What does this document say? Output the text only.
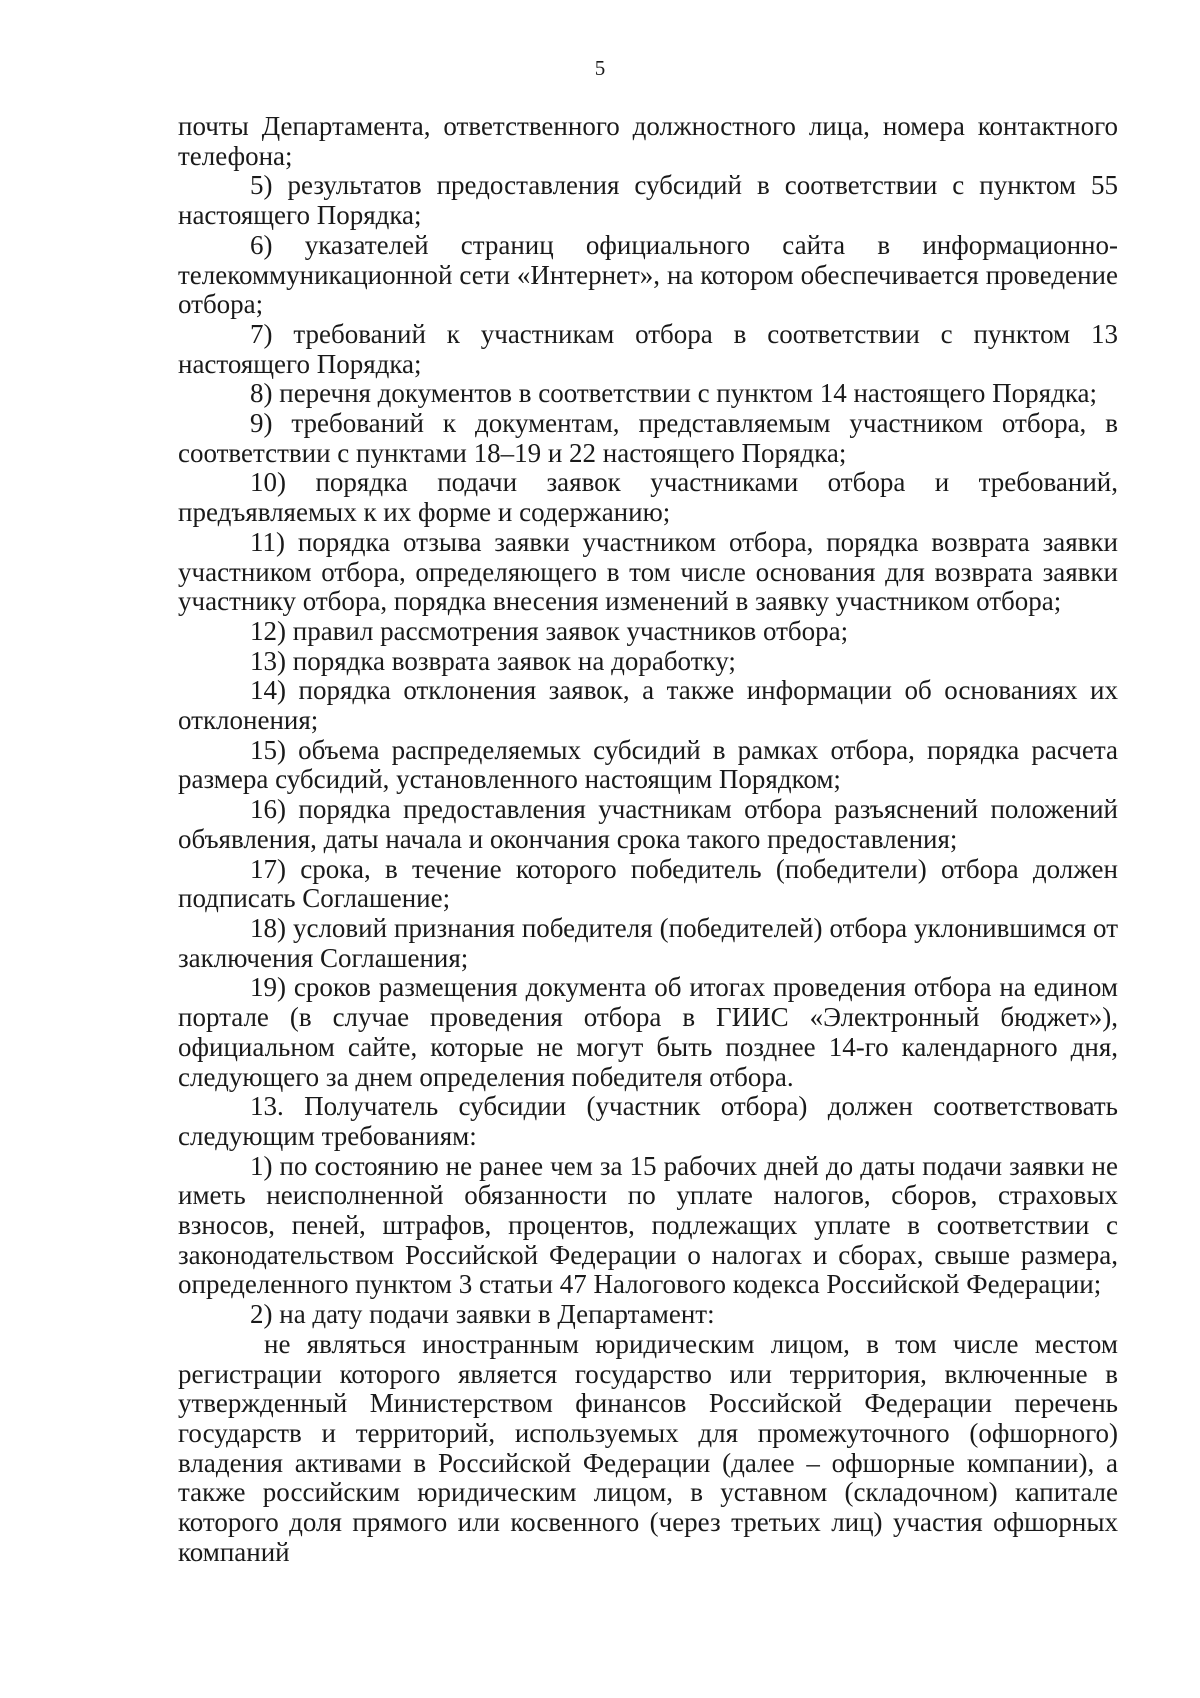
5

почты Департамента, ответственного должностного лица, номера контактного телефона;

5) результатов предоставления субсидий в соответствии с пунктом 55 настоящего Порядка;

6) указателей страниц официального сайта в информационно-телекоммуникационной сети «Интернет», на котором обеспечивается проведение отбора;

7) требований к участникам отбора в соответствии с пунктом 13 настоящего Порядка;

8) перечня документов в соответствии с пунктом 14 настоящего Порядка;

9) требований к документам, представляемым участником отбора, в соответствии с пунктами 18–19 и 22 настоящего Порядка;

10) порядка подачи заявок участниками отбора и требований, предъявляемых к их форме и содержанию;

11) порядка отзыва заявки участником отбора, порядка возврата заявки участником отбора, определяющего в том числе основания для возврата заявки участнику отбора, порядка внесения изменений в заявку участником отбора;

12) правил рассмотрения заявок участников отбора;

13) порядка возврата заявок на доработку;

14) порядка отклонения заявок, а также информации об основаниях их отклонения;

15) объема распределяемых субсидий в рамках отбора, порядка расчета размера субсидий, установленного настоящим Порядком;

16) порядка предоставления участникам отбора разъяснений положений объявления, даты начала и окончания срока такого предоставления;

17) срока, в течение которого победитель (победители) отбора должен подписать Соглашение;

18) условий признания победителя (победителей) отбора уклонившимся от заключения Соглашения;

19) сроков размещения документа об итогах проведения отбора на едином портале (в случае проведения отбора в ГИИС «Электронный бюджет»), официальном сайте, которые не могут быть позднее 14-го календарного дня, следующего за днем определения победителя отбора.

13. Получатель субсидии (участник отбора) должен соответствовать следующим требованиям:

1) по состоянию не ранее чем за 15 рабочих дней до даты подачи заявки не иметь неисполненной обязанности по уплате налогов, сборов, страховых взносов, пеней, штрафов, процентов, подлежащих уплате в соответствии с законодательством Российской Федерации о налогах и сборах, свыше размера, определенного пунктом 3 статьи 47 Налогового кодекса Российской Федерации;

2) на дату подачи заявки в Департамент:

не являться иностранным юридическим лицом, в том числе местом регистрации которого является государство или территория, включенные в утвержденный Министерством финансов Российской Федерации перечень государств и территорий, используемых для промежуточного (офшорного) владения активами в Российской Федерации (далее – офшорные компании), а также российским юридическим лицом, в уставном (складочном) капитале которого доля прямого или косвенного (через третьих лиц) участия офшорных компаний
